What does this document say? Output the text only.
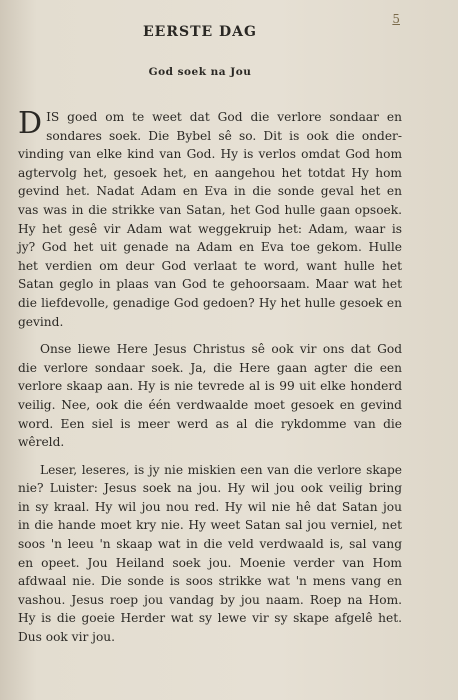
5
EERSTE DAG
God soek na Jou
D IS goed om te weet dat God die verlore sondaar en
sondares soek. Die Bybel sê so. Dit is ook die onder-
vinding van elke kind van God. Hy is verlos omdat God hom
agtervolg het, gesoek het, en aangehou het totdat Hy hom
gevind het. Nadat Adam en Eva in die sonde geval het en
vas was in die strikke van Satan, het God hulle gaan opsoek.
Hy het gesê vir Adam wat weggekruip het: Adam, waar is
jy? God het uit genade na Adam en Eva toe gekom. Hulle
het verdien om deur God verlaat te word, want hulle het
Satan geglo in plaas van God te gehoorsaam. Maar wat het
die liefdevolle, genadige God gedoen? Hy het hulle gesoek en
gevind.
Onse liewe Here Jesus Christus sê ook vir ons dat God
die verlore sondaar soek. Ja, die Here gaan agter die een
verlore skaap aan. Hy is nie tevrede al is 99 uit elke honderd
veilig. Nee, ook die één verdwaalde moet gesoek en gevind
word. Een siel is meer werd as al die rykdomme van die
wêreld.
Leser, leseres, is jy nie miskien een van die verlore skape
nie? Luister: Jesus soek na jou. Hy wil jou ook veilig bring
in sy kraal. Hy wil jou nou red. Hy wil nie hê dat Satan jou
in die hande moet kry nie. Hy weet Satan sal jou verniel, net
soos 'n leeu 'n skaap wat in die veld verdwaald is, sal vang
en opeet. Jou Heiland soek jou. Moenie verder van Hom
afdwaal nie. Die sonde is soos strikke wat 'n mens vang en
vashou. Jesus roep jou vandag by jou naam. Roep na Hom.
Hy is die goeie Herder wat sy lewe vir sy skape afgelê het.
Dus ook vir jou.
